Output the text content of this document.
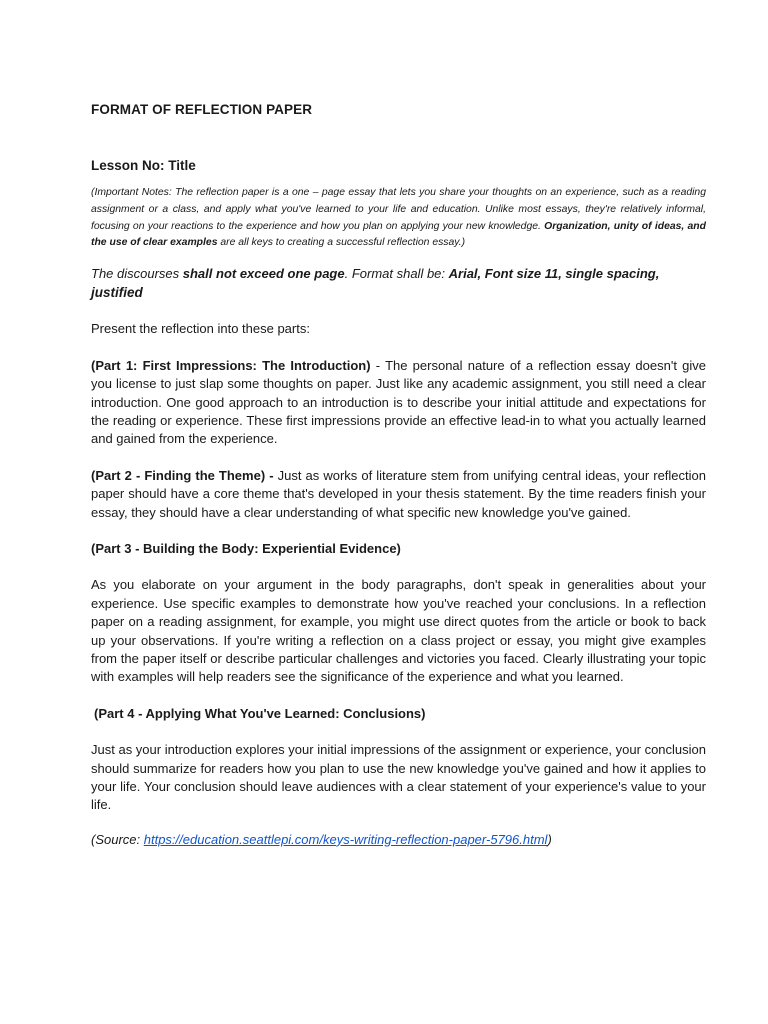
FORMAT OF REFLECTION PAPER

Lesson No: Title

(Important Notes: The reflection paper is a one – page essay that lets you share your thoughts on an experience, such as a reading assignment or a class, and apply what you've learned to your life and education. Unlike most essays, they're relatively informal, focusing on your reactions to the experience and how you plan on applying your new knowledge. Organization, unity of ideas, and the use of clear examples are all keys to creating a successful reflection essay.)

The discourses shall not exceed one page. Format shall be: Arial, Font size 11, single spacing, justified

Present the reflection into these parts:

(Part 1: First Impressions: The Introduction) - The personal nature of a reflection essay doesn't give you license to just slap some thoughts on paper. Just like any academic assignment, you still need a clear introduction. One good approach to an introduction is to describe your initial attitude and expectations for the reading or experience. These first impressions provide an effective lead-in to what you actually learned and gained from the experience.

(Part 2 - Finding the Theme) - Just as works of literature stem from unifying central ideas, your reflection paper should have a core theme that's developed in your thesis statement. By the time readers finish your essay, they should have a clear understanding of what specific new knowledge you've gained.

(Part 3 - Building the Body: Experiential Evidence)

As you elaborate on your argument in the body paragraphs, don't speak in generalities about your experience. Use specific examples to demonstrate how you've reached your conclusions. In a reflection paper on a reading assignment, for example, you might use direct quotes from the article or book to back up your observations. If you're writing a reflection on a class project or essay, you might give examples from the paper itself or describe particular challenges and victories you faced. Clearly illustrating your topic with examples will help readers see the significance of the experience and what you learned.

(Part 4 - Applying What You've Learned: Conclusions)

Just as your introduction explores your initial impressions of the assignment or experience, your conclusion should summarize for readers how you plan to use the new knowledge you've gained and how it applies to your life. Your conclusion should leave audiences with a clear statement of your experience's value to your life.

(Source: https://education.seattlepi.com/keys-writing-reflection-paper-5796.html)
